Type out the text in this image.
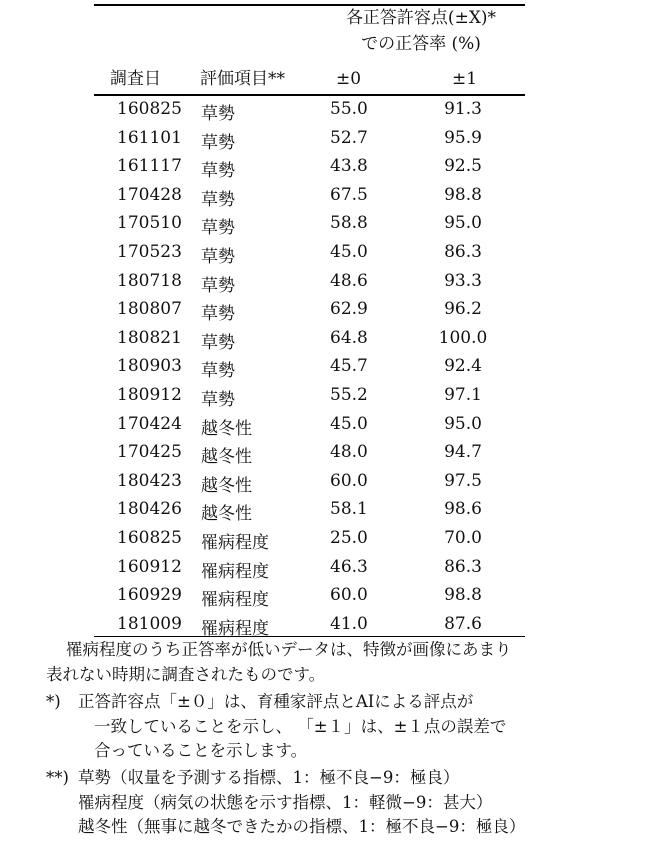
各正答許容点(±X)*
での正答率 (%)
調査日 評価項目**	±0	±1
160825 草勢	55.0	91.3
161101 草勢	52.7	95.9
161117 草勢	43.8	92.5
170428 草勢	67.5	98.8
170510 草勢	58.8	95.0
170523 草勢	45.0	86.3
180718 草勢	48.6	93.3
180807 草勢	62.9	96.2
180821 草勢	64.8	100.0
180903 草勢	45.7	92.4
180912 草勢	55.2	97.1
170424 越冬性	45.0	95.0
170425 越冬性	48.0	94.7
180423 越冬性	60.0	97.5
180426 越冬性	58.1	98.6
160825 罹病程度	25.0	70.0
160912 罹病程度	46.3	86.3
160929 罹病程度	60.0	98.8
181009 罹病程度	41.0	87.6
罹病程度のうち正答率が低いデータは、特徴が画像にあまり
表れない時期に調査されたものです。
*) 正答許容点「±０」は、育種家評点とAIによる評点が
一致していることを示し、 「±１」は、±１点の誤差で
合っていることを示します。
**) 草勢（収量を予測する指標、1：極不良−9：極良）
罹病程度（病気の状態を示す指標、1：軽微−9：甚大）
越冬性（無事に越冬できたかの指標、1：極不良−9：極良）
